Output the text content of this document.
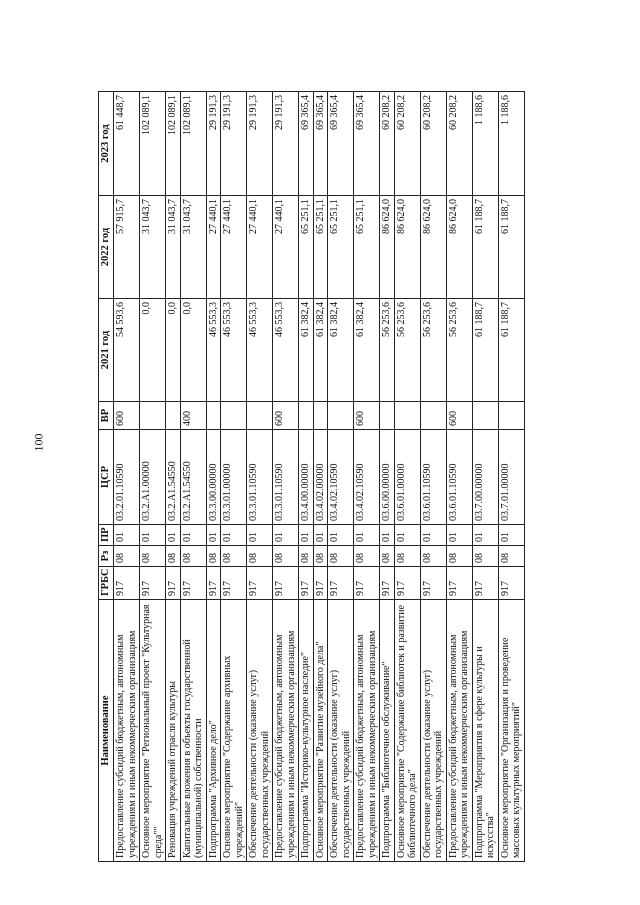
100
Наименование	ГРБС	Рз	ПР	ЦСР	ВР	2021 год	2022 год	2023 год
Предоставление субсидий бюджетным, автономным учреждениям и иным некоммерческим организациям	917	08	01	03.2.01.10590	600	54 593,6	57 915,7	61 448,7
Основное мероприятие "Региональный проект "Культурная среда""	917	08	01	03.2.А1.00000		0,0	31 043,7	102 089,1
Реновация учреждений отрасли культуры	917	08	01	03.2.А1.54550		0,0	31 043,7	102 089,1
Капитальные вложения в объекты государственной (муниципальной) собственности	917	08	01	03.2.А1.54550	400	0,0	31 043,7	102 089,1
Подпрограмма "Архивное дело"	917	08	01	03.3.00.00000		46 553,3	27 440,1	29 191,3
Основное мероприятие "Содержание архивных учреждений"	917	08	01	03.3.01.00000		46 553,3	27 440,1	29 191,3
Обеспечение деятельности (оказание услуг) государственных учреждений	917	08	01	03.3.01.10590		46 553,3	27 440,1	29 191,3
Предоставление субсидий бюджетным, автономным учреждениям и иным некоммерческим организациям	917	08	01	03.3.01.10590	600	46 553,3	27 440,1	29 191,3
Подпрограмма "Историко-культурное наследие"	917	08	01	03.4.00.00000		61 382,4	65 251,1	69 365,4
Основное мероприятие "Развитие музейного дела"	917	08	01	03.4.02.00000		61 382,4	65 251,1	69 365,4
Обеспечение деятельности (оказание услуг) государственных учреждений	917	08	01	03.4.02.10590		61 382,4	65 251,1	69 365,4
Предоставление субсидий бюджетным, автономным учреждениям и иным некоммерческим организациям	917	08	01	03.4.02.10590	600	61 382,4	65 251,1	69 365,4
Подпрограмма "Библиотечное обслуживание"	917	08	01	03.6.00.00000		56 253,6	86 624,0	60 208,2
Основное мероприятие "Содержание библиотек и развитие библиотечного дела"	917	08	01	03.6.01.00000		56 253,6	86 624,0	60 208,2
Обеспечение деятельности (оказание услуг) государственных учреждений	917	08	01	03.6.01.10590		56 253,6	86 624,0	60 208,2
Предоставление субсидий бюджетным, автономным учреждениям и иным некоммерческим организациям	917	08	01	03.6.01.10590	600	56 253,6	86 624,0	60 208,2
Подпрограмма "Мероприятия в сфере культуры и искусства"	917	08	01	03.7.00.00000		61 188,7	61 188,7	1 188,6
Основное мероприятие "Организация и проведение массовых культурных мероприятий"	917	08	01	03.7.01.00000		61 188,7	61 188,7	1 188,6
